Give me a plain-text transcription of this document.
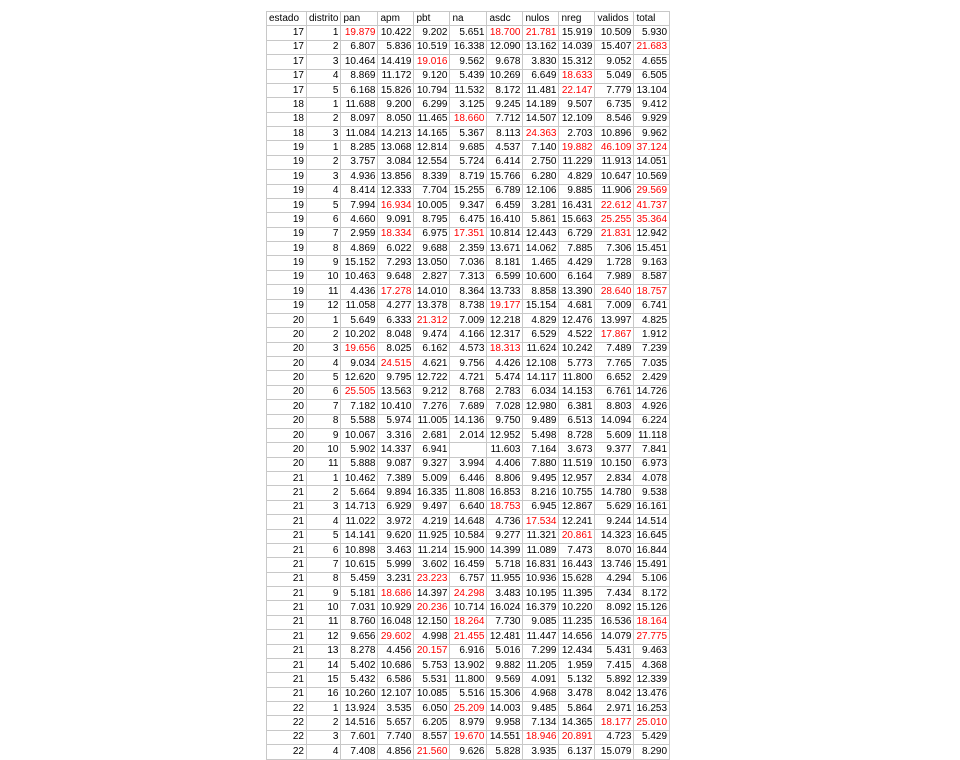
estado	distrito	pan	apm	pbt	na	asdc	nulos	nreg	validos	total
17	1	19.879	10.422	9.202	5.651	18.700	21.781	15.919	10.509	5.930
17	2	6.807	5.836	10.519	16.338	12.090	13.162	14.039	15.407	21.683
17	3	10.464	14.419	19.016	9.562	9.678	3.830	15.312	9.052	4.655
17	4	8.869	11.172	9.120	5.439	10.269	6.649	18.633	5.049	6.505
17	5	6.168	15.826	10.794	11.532	8.172	11.481	22.147	7.779	13.104
18	1	11.688	9.200	6.299	3.125	9.245	14.189	9.507	6.735	9.412
18	2	8.097	8.050	11.465	18.660	7.712	14.507	12.109	8.546	9.929
18	3	11.084	14.213	14.165	5.367	8.113	24.363	2.703	10.896	9.962
19	1	8.285	13.068	12.814	9.685	4.537	7.140	19.882	46.109	37.124
19	2	3.757	3.084	12.554	5.724	6.414	2.750	11.229	11.913	14.051
19	3	4.936	13.856	8.339	8.719	15.766	6.280	4.829	10.647	10.569
19	4	8.414	12.333	7.704	15.255	6.789	12.106	9.885	11.906	29.569
19	5	7.994	16.934	10.005	9.347	6.459	3.281	16.431	22.612	41.737
19	6	4.660	9.091	8.795	6.475	16.410	5.861	15.663	25.255	35.364
19	7	2.959	18.334	6.975	17.351	10.814	12.443	6.729	21.831	12.942
19	8	4.869	6.022	9.688	2.359	13.671	14.062	7.885	7.306	15.451
19	9	15.152	7.293	13.050	7.036	8.181	1.465	4.429	1.728	9.163
19	10	10.463	9.648	2.827	7.313	6.599	10.600	6.164	7.989	8.587
19	11	4.436	17.278	14.010	8.364	13.733	8.858	13.390	28.640	18.757
19	12	11.058	4.277	13.378	8.738	19.177	15.154	4.681	7.009	6.741
20	1	5.649	6.333	21.312	7.009	12.218	4.829	12.476	13.997	4.825
20	2	10.202	8.048	9.474	4.166	12.317	6.529	4.522	17.867	1.912
20	3	19.656	8.025	6.162	4.573	18.313	11.624	10.242	7.489	7.239
20	4	9.034	24.515	4.621	9.756	4.426	12.108	5.773	7.765	7.035
20	5	12.620	9.795	12.722	4.721	5.474	14.117	11.800	6.652	2.429
20	6	25.505	13.563	9.212	8.768	2.783	6.034	14.153	6.761	14.726
20	7	7.182	10.410	7.276	7.689	7.028	12.980	6.381	8.803	4.926
20	8	5.588	5.974	11.005	14.136	9.750	9.489	6.513	14.094	6.224
20	9	10.067	3.316	2.681	2.014	12.952	5.498	8.728	5.609	11.118
20	10	5.902	14.337	6.941		11.603	7.164	3.673	9.377	7.841
20	11	5.888	9.087	9.327	3.994	4.406	7.880	11.519	10.150	6.973
21	1	10.462	7.389	5.009	6.446	8.806	9.495	12.957	2.834	4.078
21	2	5.664	9.894	16.335	11.808	16.853	8.216	10.755	14.780	9.538
21	3	14.713	6.929	9.497	6.640	18.753	6.945	12.867	5.629	16.161
21	4	11.022	3.972	4.219	14.648	4.736	17.534	12.241	9.244	14.514
21	5	14.141	9.620	11.925	10.584	9.277	11.321	20.861	14.323	16.645
21	6	10.898	3.463	11.214	15.900	14.399	11.089	7.473	8.070	16.844
21	7	10.615	5.999	3.602	16.459	5.718	16.831	16.443	13.746	15.491
21	8	5.459	3.231	23.223	6.757	11.955	10.936	15.628	4.294	5.106
21	9	5.181	18.686	14.397	24.298	3.483	10.195	11.395	7.434	8.172
21	10	7.031	10.929	20.236	10.714	16.024	16.379	10.220	8.092	15.126
21	11	8.760	16.048	12.150	18.264	7.730	9.085	11.235	16.536	18.164
21	12	9.656	29.602	4.998	21.455	12.481	11.447	14.656	14.079	27.775
21	13	8.278	4.456	20.157	6.916	5.016	7.299	12.434	5.431	9.463
21	14	5.402	10.686	5.753	13.902	9.882	11.205	1.959	7.415	4.368
21	15	5.432	6.586	5.531	11.800	9.569	4.091	5.132	5.892	12.339
21	16	10.260	12.107	10.085	5.516	15.306	4.968	3.478	8.042	13.476
22	1	13.924	3.535	6.050	25.209	14.003	9.485	5.864	2.971	16.253
22	2	14.516	5.657	6.205	8.979	9.958	7.134	14.365	18.177	25.010
22	3	7.601	7.740	8.557	19.670	14.551	18.946	20.891	4.723	5.429
22	4	7.408	4.856	21.560	9.626	5.828	3.935	6.137	15.079	8.290
